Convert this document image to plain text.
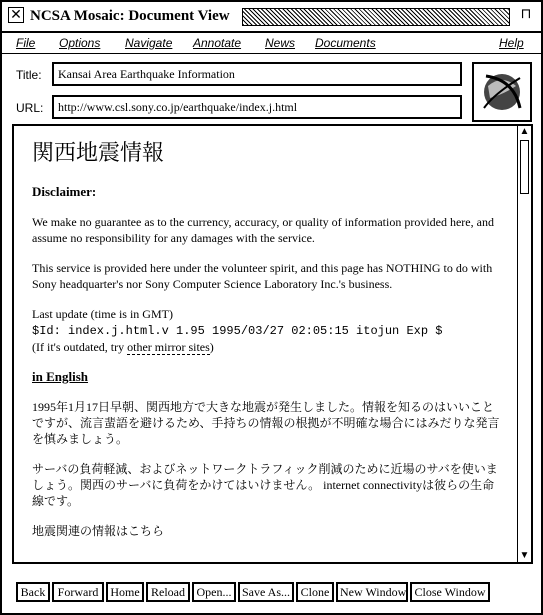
✕ NCSA Mosaic: Document View	⊓
File Options Navigate Annotate News Documents	Help
Title:	Kansai Area Earthquake Information
URL:	http://www.csl.sony.co.jp/earthquake/index.j.html
関西地震情報
Disclaimer:

We make no guarantee as to the currency, accuracy, or quality of information provided here, and assume no responsibility for any damages with the service.

This service is provided here under the volunteer spirit, and this page has NOTHING to do with Sony headquarter's nor Sony Computer Science Laboratory Inc.'s business.

Last update (time is in GMT)
$Id: index.j.html.v 1.95 1995/03/27 02:05:15 itojun Exp $
(If it's outdated, try other mirror sites)

in English

1995年1月17日早朝、関西地方で大きな地震が発生しました。情報を知るのはいいことですが、流言蜚語を避けるため、手持ちの情報の根拠が不明確な場合にはみだりな発言を慎みましょう。

サーバの負荷軽減、およびネットワークトラフィック削減のために近場のサバを使いましょう。関西のサーバに負荷をかけてはいけません。 internet connectivityは彼らの生命線です。

地震関連の情報はこちら

▲
▼
Back	Forward	Home Reload Open... Save As... Clone New Window Close Window
